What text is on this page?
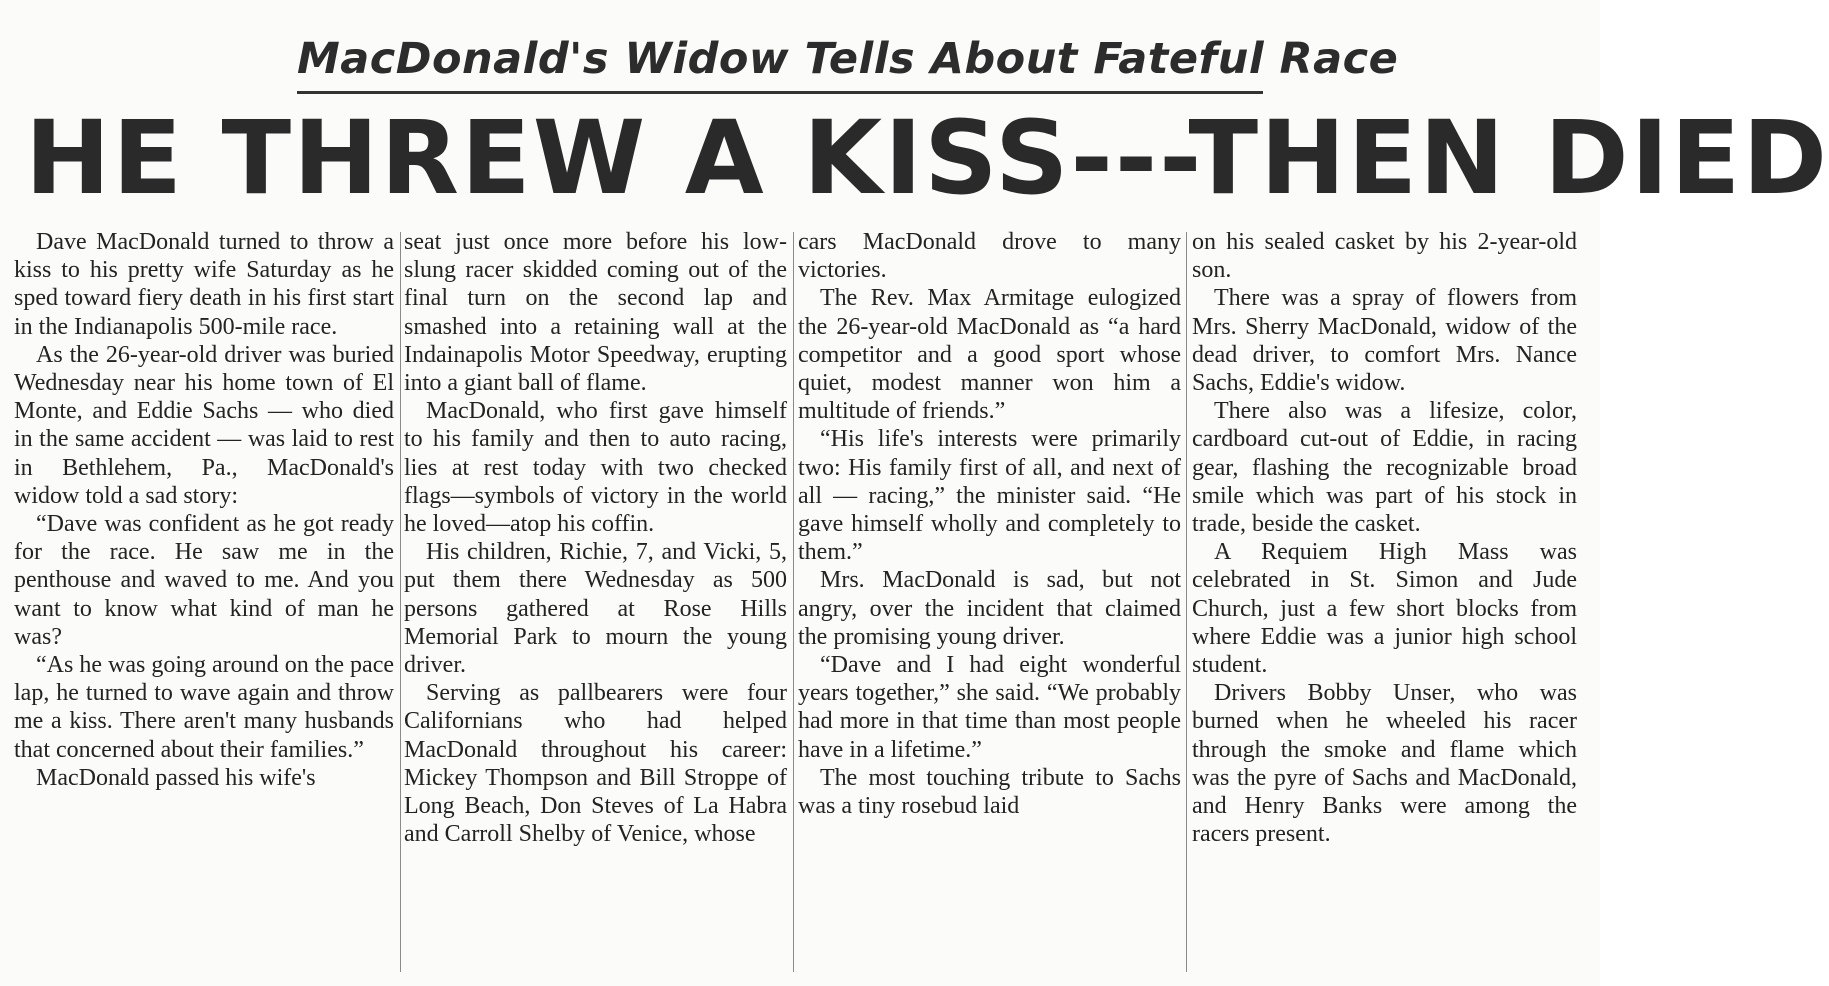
MacDonald's Widow Tells About Fateful Race
HE THREW A KISS---THEN DIED

Dave MacDonald turned to throw a kiss to his pretty wife Saturday as he sped toward fiery death in his first start in the Indianapolis 500-mile race.

As the 26-year-old driver was buried Wednesday near his home town of El Monte, and Eddie Sachs — who died in the same accident — was laid to rest in Bethlehem, Pa., MacDonald's widow told a sad story:

“Dave was confident as he got ready for the race. He saw me in the penthouse and waved to me. And you want to know what kind of man he was?

“As he was going around on the pace lap, he turned to wave again and throw me a kiss. There aren't many husbands that concerned about their families.”

MacDonald passed his wife's

seat just once more before his low-slung racer skidded coming out of the final turn on the second lap and smashed into a retaining wall at the Indainapolis Motor Speedway, erupting into a giant ball of flame.

MacDonald, who first gave himself to his family and then to auto racing, lies at rest today with two checked flags—symbols of victory in the world he loved—atop his coffin.

His children, Richie, 7, and Vicki, 5, put them there Wednesday as 500 persons gathered at Rose Hills Memorial Park to mourn the young driver.

Serving as pallbearers were four Californians who had helped MacDonald throughout his career: Mickey Thompson and Bill Stroppe of Long Beach, Don Steves of La Habra and Carroll Shelby of Venice, whose

cars MacDonald drove to many victories.

The Rev. Max Armitage eulogized the 26-year-old MacDonald as “a hard competitor and a good sport whose quiet, modest manner won him a multitude of friends.”

“His life's interests were primarily two: His family first of all, and next of all — racing,” the minister said. “He gave himself wholly and completely to them.”

Mrs. MacDonald is sad, but not angry, over the incident that claimed the promising young driver.

“Dave and I had eight wonderful years together,” she said. “We probably had more in that time than most people have in a lifetime.”

The most touching tribute to Sachs was a tiny rosebud laid

on his sealed casket by his 2-year-old son.

There was a spray of flowers from Mrs. Sherry MacDonald, widow of the dead driver, to comfort Mrs. Nance Sachs, Eddie's widow.

There also was a lifesize, color, cardboard cut-out of Eddie, in racing gear, flashing the recognizable broad smile which was part of his stock in trade, beside the casket.

A Requiem High Mass was celebrated in St. Simon and Jude Church, just a few short blocks from where Eddie was a junior high school student.

Drivers Bobby Unser, who was burned when he wheeled his racer through the smoke and flame which was the pyre of Sachs and MacDonald, and Henry Banks were among the racers present.
